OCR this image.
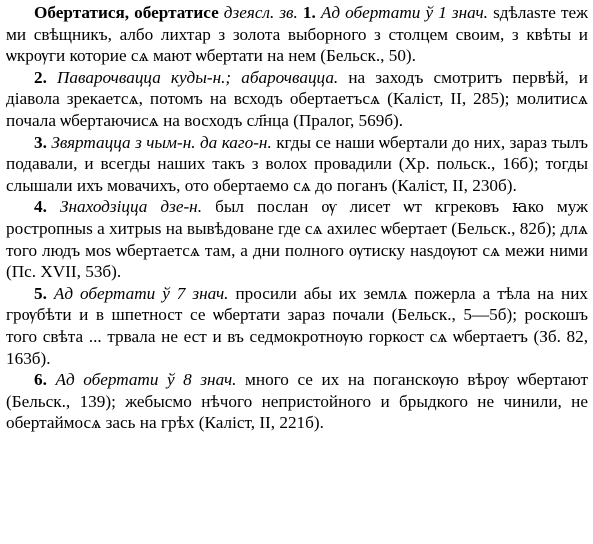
Обертатися, обертатисе дзеясл. зв. 1. Ад обертати ў 1 знач. ѕдѣлаѕте теж ми свѣщникъ, албо лихтар з золота выборного з столцем своим, з квѣты и ѡкрѹги которие сѧ мают ѡбертати на нем (Бельск., 50).

2. Паварочвацца куды-н.; абарочвацца. на заходъ смотритъ первѣй, и діавола зрекаетсѧ, потомъ на всходъ обертаетъсѧ (Каліст, II, 285); молитисѧ почала ѡбертаючисѧ на восходъ сл҃нца (Пралог, 569б).

3. Звяртацца з чым-н. да каго-н. кгды се наши ѡбертали до них, зараз тылъ подавали, и всегды наших такъ з волох провадили (Хр. польск., 16б); тогды слышали ихъ мовачихъ, ото обертаемо сѧ до поганъ (Каліст, II, 230б).

4. Знаходзіцца дзе-н. был послан ѹ лисет ѡт кгрековъ ꙗко муж ростропныѕ а хитрыѕ на вывѣдоване где сѧ ахилес ѡбертает (Бельск., 82б); длѧ того людъ моѕ ѡбертаетсѧ там, а дни полного ѹтиску наѕдѹют сѧ межи ними (Пс. XVII, 53б).

5. Ад обертати ў 7 знач. просили абы их землѧ пожерла а тѣла на них грѹбѣти и в шпетност се ѡбертати зараз почали (Бельск., 5—5б); роскошъ того свѣта ... трвала не ест и въ седмокротнѹю горкост сѧ ѡбертаетъ (Зб. 82, 163б).

6. Ад обертати ў 8 знач. много се их на поганскѹю вѣрѹ ѡбертают (Бельск., 139); жебысмо нѣчого непристойного и брыдкого не чинили, не обертаймосѧ зась на грѣх (Каліст, II, 221б).
